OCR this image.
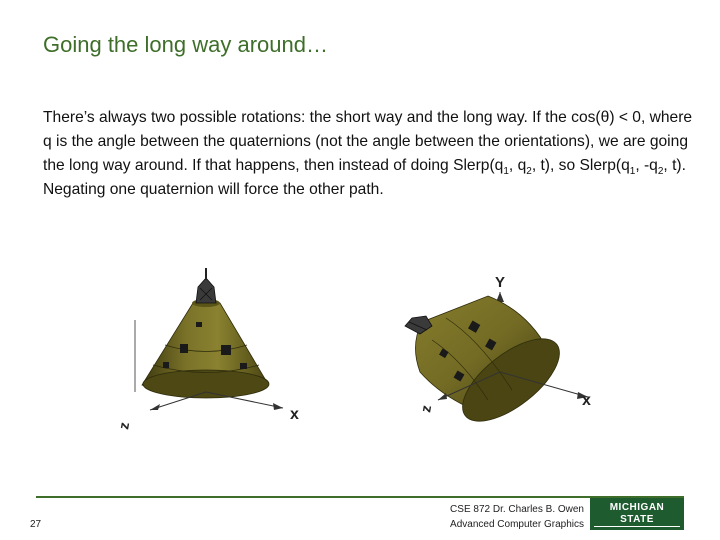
Going the long way around…
There’s always two possible rotations: the short way and the long way. If the cos(θ) < 0, where q is the angle between the quaternions (not the angle between the orientations), we are going the long way around. If that happens, then instead of doing $Slerp(q_1$, $q_2$, t), so $Slerp(q_1$, $-q_2$, t). Negating one quaternion will force the other path.
z
x
Y
z	x
27
CSE 872 Dr. Charles B. Owen
Advanced Computer Graphics
MICHIGAN STATE
UNIVERSITY
